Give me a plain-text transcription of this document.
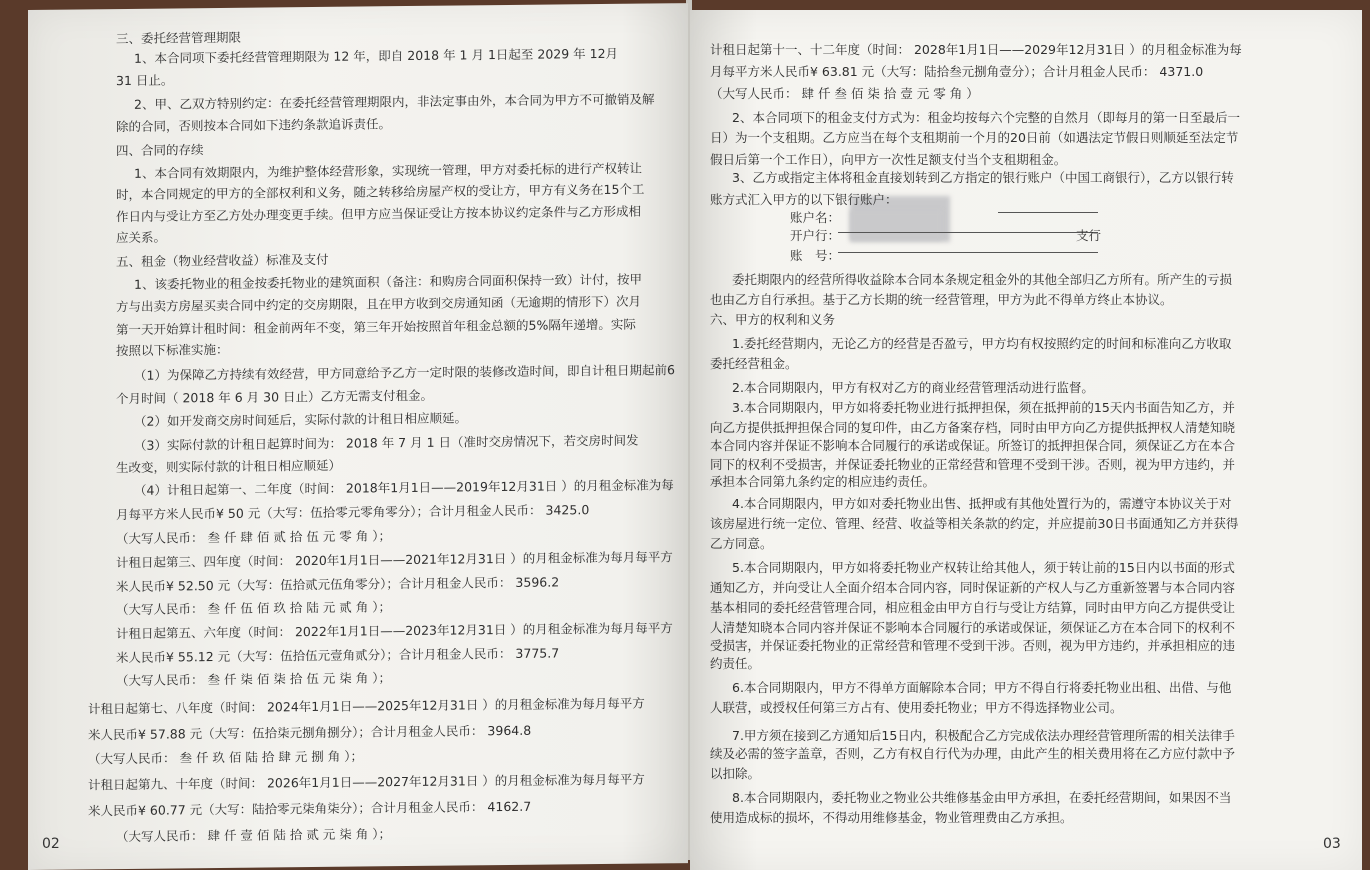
三、委托经营管理期限
1、本合同项下委托经营管理期限为 12 年，即自 2018 年 1 月 1日起至 2029 年 12月
31 日止。
2、甲、乙双方特别约定：在委托经营管理期限内，非法定事由外，本合同为甲方不可撤销及解
除的合同，否则按本合同如下违约条款追诉责任。
四、合同的存续
1、本合同有效期限内，为维护整体经营形象，实现统一管理，甲方对委托标的进行产权转让
时，本合同规定的甲方的全部权利和义务，随之转移给房屋产权的受让方，甲方有义务在15个工
作日内与受让方至乙方处办理变更手续。但甲方应当保证受让方按本协议约定条件与乙方形成相
应关系。
五、租金（物业经营收益）标准及支付
1、该委托物业的租金按委托物业的建筑面积（备注：和购房合同面积保持一致）计付，按甲
方与出卖方房屋买卖合同中约定的交房期限，且在甲方收到交房通知函（无逾期的情形下）次月
第一天开始算计租时间：租金前两年不变，第三年开始按照首年租金总额的5%隔年递增。实际
按照以下标准实施：
（1）为保障乙方持续有效经营，甲方同意给予乙方一定时限的装修改造时间，即自计租日期起前6
个月时间（ 2018 年 6 月 30 日止）乙方无需支付租金。
（2）如开发商交房时间延后，实际付款的计租日相应顺延。
（3）实际付款的计租日起算时间为： 2018 年 7 月 1 日（准时交房情况下，若交房时间发
生改变，则实际付款的计租日相应顺延）
（4）计租日起第一、二年度（时间： 2018年1月1日——2019年12月31日 ）的月租金标准为每
月每平方米人民币¥ 50 元（大写：伍拾零元零角零分）；合计月租金人民币： 3425.0
（大写人民币： 叁 仟 肆 佰 贰 拾 伍 元 零 角 ）；
计租日起第三、四年度（时间： 2020年1月1日——2021年12月31日 ）的月租金标准为每月每平方
米人民币¥ 52.50 元（大写：伍拾贰元伍角零分）；合计月租金人民币： 3596.2
（大写人民币： 叁 仟 伍 佰 玖 拾 陆 元 贰 角 ）；
计租日起第五、六年度（时间： 2022年1月1日——2023年12月31日 ）的月租金标准为每月每平方
米人民币¥ 55.12 元（大写：伍拾伍元壹角贰分）；合计月租金人民币： 3775.7
（大写人民币： 叁 仟 柒 佰 柒 拾 伍 元 柒 角 ）；
计租日起第七、八年度（时间： 2024年1月1日——2025年12月31日 ）的月租金标准为每月每平方
米人民币¥ 57.88 元（大写：伍拾柒元捌角捌分）；合计月租金人民币： 3964.8
（大写人民币： 叁 仟 玖 佰 陆 拾 肆 元 捌 角 ）；
计租日起第九、十年度（时间： 2026年1月1日——2027年12月31日 ）的月租金标准为每月每平方
米人民币¥ 60.77 元（大写：陆拾零元柒角柒分）；合计月租金人民币： 4162.7
（大写人民币： 肆 仟 壹 佰 陆 拾 贰 元 柒 角 ）；
计租日起第十一、十二年度（时间： 2028年1月1日——2029年12月31日 ）的月租金标准为每
月每平方米人民币¥ 63.81 元（大写：陆拾叁元捌角壹分）；合计月租金人民币： 4371.0
（大写人民币： 肆 仟 叁 佰 柒 拾 壹 元 零 角 ）
2、本合同项下的租金支付方式为：租金均按每六个完整的自然月（即每月的第一日至最后一
日）为一个支租期。乙方应当在每个支租期前一个月的20日前（如遇法定节假日则顺延至法定节
假日后第一个工作日），向甲方一次性足额支付当个支租期租金。
3、乙方或指定主体将租金直接划转到乙方指定的银行账户（中国工商银行），乙方以银行转
账方式汇入甲方的以下银行账户：
账户名：
开户行：	支行
账　号：
委托期限内的经营所得收益除本合同本条规定租金外的其他全部归乙方所有。所产生的亏损
也由乙方自行承担。基于乙方长期的统一经营管理，甲方为此不得单方终止本协议。
六、甲方的权利和义务
1.委托经营期内，无论乙方的经营是否盈亏，甲方均有权按照约定的时间和标准向乙方收取
委托经营租金。
2.本合同期限内，甲方有权对乙方的商业经营管理活动进行监督。
3.本合同期限内，甲方如将委托物业进行抵押担保，须在抵押前的15天内书面告知乙方，并
向乙方提供抵押担保合同的复印件，由乙方备案存档，同时由甲方向乙方提供抵押权人清楚知晓
本合同内容并保证不影响本合同履行的承诺或保证。所签订的抵押担保合同，须保证乙方在本合
同下的权利不受损害，并保证委托物业的正常经营和管理不受到干涉。否则，视为甲方违约，并
承担本合同第九条约定的相应违约责任。
4.本合同期限内，甲方如对委托物业出售、抵押或有其他处置行为的，需遵守本协议关于对
该房屋进行统一定位、管理、经营、收益等相关条款的约定，并应提前30日书面通知乙方并获得
乙方同意。
5.本合同期限内，甲方如将委托物业产权转让给其他人，须于转让前的15日内以书面的形式
通知乙方，并向受让人全面介绍本合同内容，同时保证新的产权人与乙方重新签署与本合同内容
基本相同的委托经营管理合同，相应租金由甲方自行与受让方结算，同时由甲方向乙方提供受让
人清楚知晓本合同内容并保证不影响本合同履行的承诺或保证，须保证乙方在本合同下的权利不
受损害，并保证委托物业的正常经营和管理不受到干涉。否则，视为甲方违约，并承担相应的违
约责任。
6.本合同期限内，甲方不得单方面解除本合同；甲方不得自行将委托物业出租、出借、与他
人联营，或授权任何第三方占有、使用委托物业；甲方不得选择物业公司。
7.甲方须在接到乙方通知后15日内，积极配合乙方完成依法办理经营管理所需的相关法律手
续及必需的签字盖章，否则，乙方有权自行代为办理，由此产生的相关费用将在乙方应付款中予
以扣除。
8.本合同期限内，委托物业之物业公共维修基金由甲方承担，在委托经营期间，如果因不当
使用造成标的损坏，不得动用维修基金，物业管理费由乙方承担。
02	03
